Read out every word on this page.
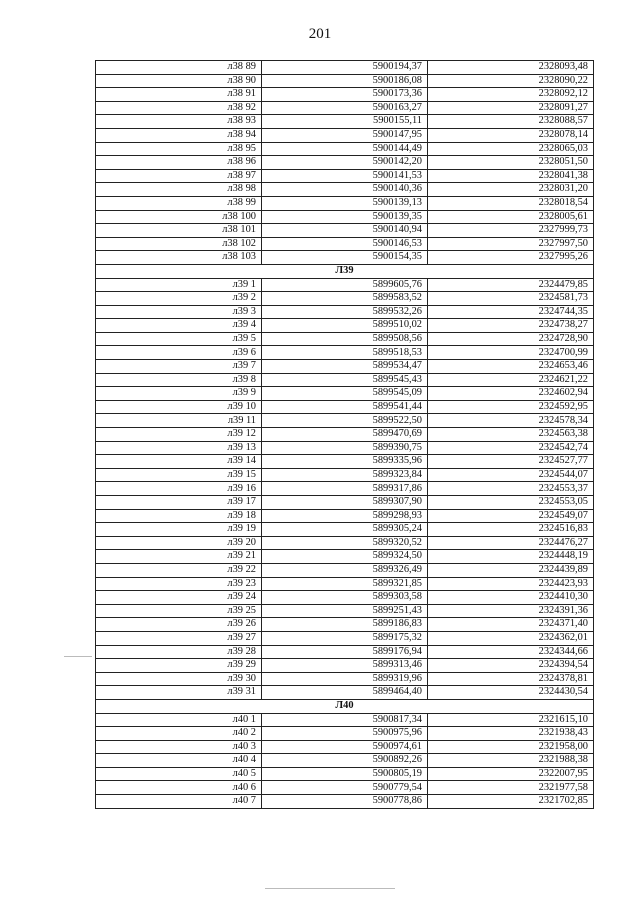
201
л38 89	5900194,37	2328093,48
л38 90	5900186,08	2328090,22
л38 91	5900173,36	2328092,12
л38 92	5900163,27	2328091,27
л38 93	5900155,11	2328088,57
л38 94	5900147,95	2328078,14
л38 95	5900144,49	2328065,03
л38 96	5900142,20	2328051,50
л38 97	5900141,53	2328041,38
л38 98	5900140,36	2328031,20
л38 99	5900139,13	2328018,54
л38 100	5900139,35	2328005,61
л38 101	5900140,94	2327999,73
л38 102	5900146,53	2327997,50
л38 103	5900154,35	2327995,26
Л39		
л39 1	5899605,76	2324479,85
л39 2	5899583,52	2324581,73
л39 3	5899532,26	2324744,35
л39 4	5899510,02	2324738,27
л39 5	5899508,56	2324728,90
л39 6	5899518,53	2324700,99
л39 7	5899534,47	2324653,46
л39 8	5899545,43	2324621,22
л39 9	5899545,09	2324602,94
л39 10	5899541,44	2324592,95
л39 11	5899522,50	2324578,34
л39 12	5899470,69	2324563,38
л39 13	5899390,75	2324542,74
л39 14	5899335,96	2324527,77
л39 15	5899323,84	2324544,07
л39 16	5899317,86	2324553,37
л39 17	5899307,90	2324553,05
л39 18	5899298,93	2324549,07
л39 19	5899305,24	2324516,83
л39 20	5899320,52	2324476,27
л39 21	5899324,50	2324448,19
л39 22	5899326,49	2324439,89
л39 23	5899321,85	2324423,93
л39 24	5899303,58	2324410,30
л39 25	5899251,43	2324391,36
л39 26	5899186,83	2324371,40
л39 27	5899175,32	2324362,01
л39 28	5899176,94	2324344,66
л39 29	5899313,46	2324394,54
л39 30	5899319,96	2324378,81
л39 31	5899464,40	2324430,54
Л40		
л40 1	5900817,34	2321615,10
л40 2	5900975,96	2321938,43
л40 3	5900974,61	2321958,00
л40 4	5900892,26	2321988,38
л40 5	5900805,19	2322007,95
л40 6	5900779,54	2321977,58
л40 7	5900778,86	2321702,85
